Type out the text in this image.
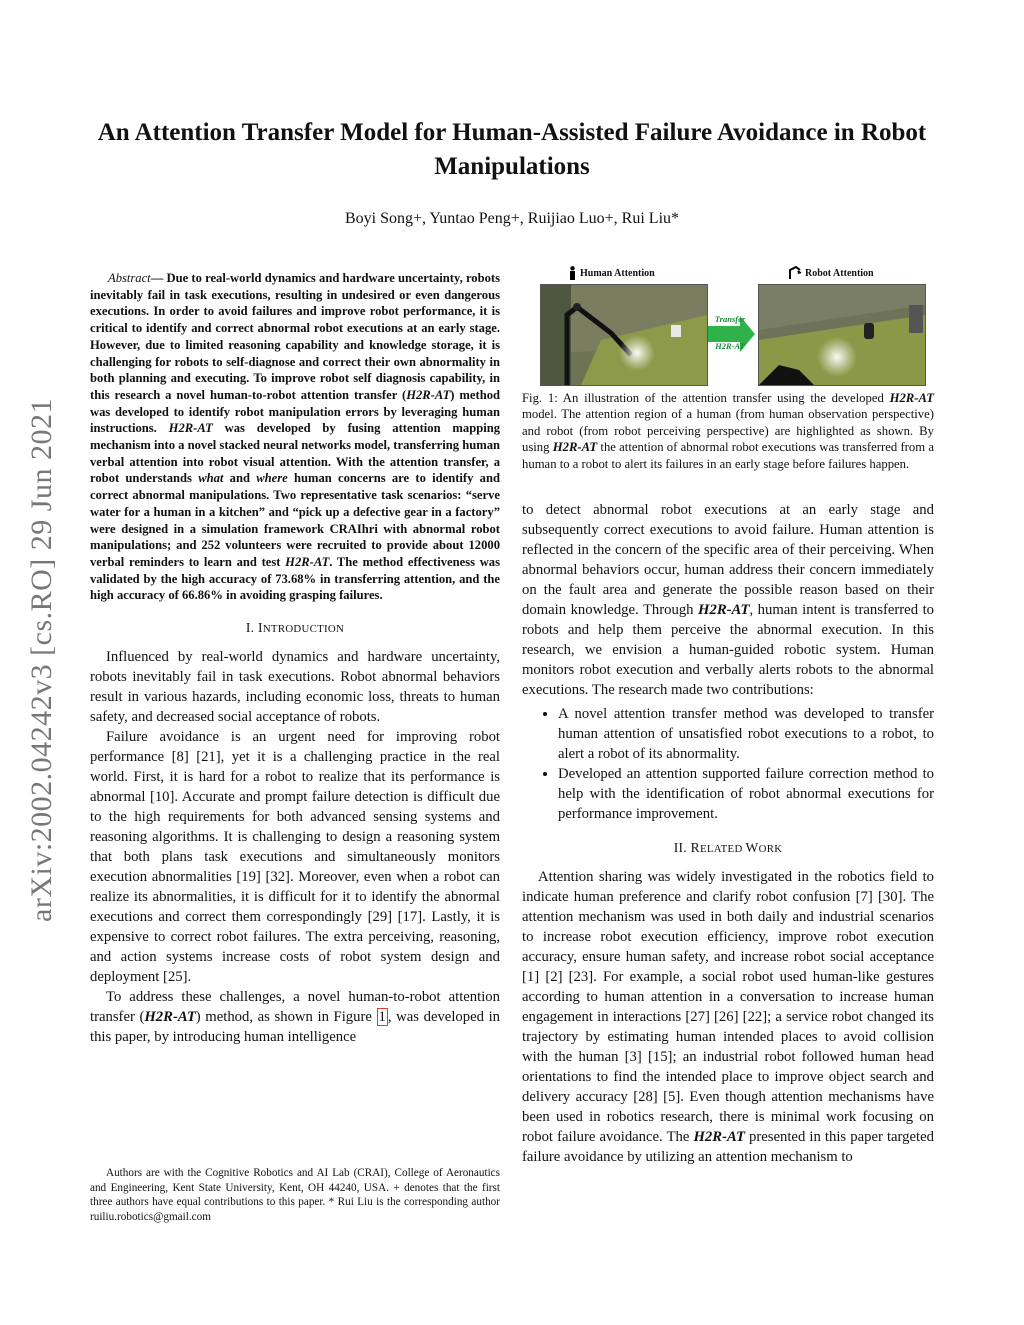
arXiv:2002.04242v3 [cs.RO] 29 Jun 2021
An Attention Transfer Model for Human-Assisted Failure Avoidance in Robot Manipulations
Boyi Song+, Yuntao Peng+, Ruijiao Luo+, Rui Liu*

Abstract— Due to real-world dynamics and hardware uncertainty, robots inevitably fail in task executions, resulting in undesired or even dangerous executions. In order to avoid failures and improve robot performance, it is critical to identify and correct abnormal robot executions at an early stage. However, due to limited reasoning capability and knowledge storage, it is challenging for robots to self-diagnose and correct their own abnormality in both planning and executing. To improve robot self diagnosis capability, in this research a novel human-to-robot attention transfer (H2R-AT) method was developed to identify robot manipulation errors by leveraging human instructions. H2R-AT was developed by fusing attention mapping mechanism into a novel stacked neural networks model, transferring human verbal attention into robot visual attention. With the attention transfer, a robot understands what and where human concerns are to identify and correct abnormal manipulations. Two representative task scenarios: “serve water for a human in a kitchen” and “pick up a defective gear in a factory” were designed in a simulation framework CRAIhri with abnormal robot manipulations; and 252 volunteers were recruited to provide about 12000 verbal reminders to learn and test H2R-AT. The method effectiveness was validated by the high accuracy of 73.68% in transferring attention, and the high accuracy of 66.86% in avoiding grasping failures.

I. INTRODUCTION

Influenced by real-world dynamics and hardware uncertainty, robots inevitably fail in task executions. Robot abnormal behaviors result in various hazards, including economic loss, threats to human safety, and decreased social acceptance of robots.

Failure avoidance is an urgent need for improving robot performance [8] [21], yet it is a challenging practice in the real world. First, it is hard for a robot to realize that its performance is abnormal [10]. Accurate and prompt failure detection is difficult due to the high requirements for both advanced sensing systems and reasoning algorithms. It is challenging to design a reasoning system that both plans task executions and simultaneously monitors execution abnormalities [19] [32]. Moreover, even when a robot can realize its abnormalities, it is difficult for it to identify the abnormal executions and correct them correspondingly [29] [17]. Lastly, it is expensive to correct robot failures. The extra perceiving, reasoning, and action systems increase costs of robot system design and deployment [25].

To address these challenges, a novel human-to-robot attention transfer (H2R-AT) method, as shown in Figure 1 , was developed in this paper, by introducing human intelligence

Authors are with the Cognitive Robotics and AI Lab (CRAI), College of Aeronautics and Engineering, Kent State University, Kent, OH 44240, USA. + denotes that the first three authors have equal contributions to this paper. * Rui Liu is the corresponding author ruiliu.robotics@gmail.com
Human Attention	Robot Attention
Transfer
H2R-AT
Fig. 1: An illustration of the attention transfer using the developed H2R-AT model. The attention region of a human (from human observation perspective) and robot (from robot perceiving perspective) are highlighted as shown. By using H2R-AT the attention of abnormal robot executions was transferred from a human to a robot to alert its failures in an early stage before failures happen.

to detect abnormal robot executions at an early stage and subsequently correct executions to avoid failure. Human attention is reflected in the concern of the specific area of their perceiving. When abnormal behaviors occur, human address their concern immediately on the fault area and generate the possible reason based on their domain knowledge. Through H2R-AT, human intent is transferred to robots and help them perceive the abnormal execution. In this research, we envision a human-guided robotic system. Human monitors robot execution and verbally alerts robots to the abnormal executions. The research made two contributions:

• A novel attention transfer method was developed to transfer human attention of unsatisfied robot executions to a robot, to alert a robot of its abnormality.
• Developed an attention supported failure correction method to help with the identification of robot abnormal executions for performance improvement.
II. RELATED WORK

Attention sharing was widely investigated in the robotics field to indicate human preference and clarify robot confusion [7] [30]. The attention mechanism was used in both daily and industrial scenarios to increase robot execution efficiency, improve robot execution accuracy, ensure human safety, and increase robot social acceptance [1] [2] [23]. For example, a social robot used human-like gestures according to human attention in a conversation to increase human engagement in interactions [27] [26] [22]; a service robot changed its trajectory by estimating human intended places to avoid collision with the human [3] [15]; an industrial robot followed human head orientations to find the intended place to improve object search and delivery accuracy [28] [5]. Even though attention mechanisms have been used in robotics research, there is minimal work focusing on robot failure avoidance. The H2R-AT presented in this paper targeted failure avoidance by utilizing an attention mechanism to
